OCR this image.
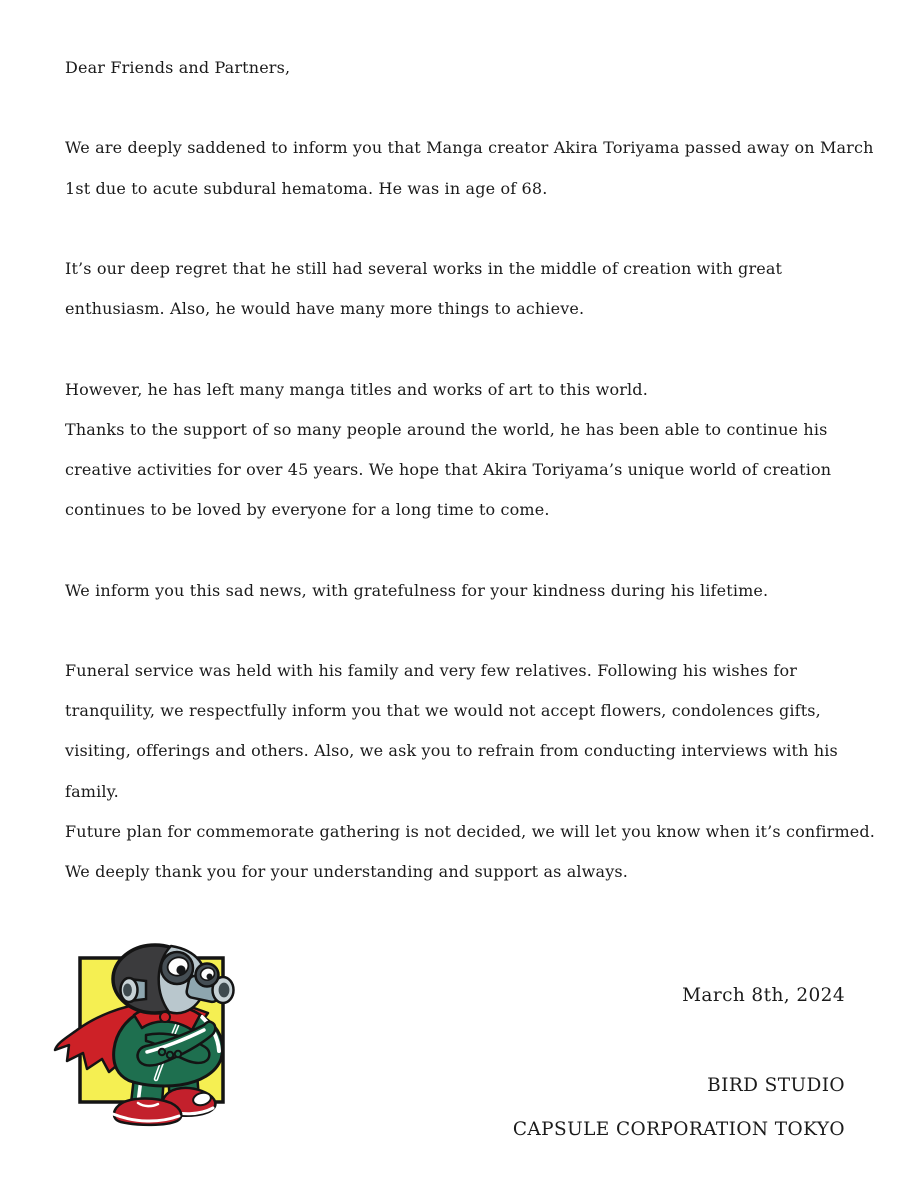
Dear Friends and Partners,
We are deeply saddened to inform you that Manga creator Akira Toriyama passed away on March
1st due to acute subdural hematoma. He was in age of 68.
It’s our deep regret that he still had several works in the middle of creation with great
enthusiasm. Also, he would have many more things to achieve.
However, he has left many manga titles and works of art to this world.
Thanks to the support of so many people around the world, he has been able to continue his
creative activities for over 45 years. We hope that Akira Toriyama’s unique world of creation
continues to be loved by everyone for a long time to come.
We inform you this sad news, with gratefulness for your kindness during his lifetime.
Funeral service was held with his family and very few relatives. Following his wishes for
tranquility, we respectfully inform you that we would not accept flowers, condolences gifts,
visiting, offerings and others. Also, we ask you to refrain from conducting interviews with his
family.
Future plan for commemorate gathering is not decided, we will let you know when it’s confirmed.
We deeply thank you for your understanding and support as always.
March 8th, 2024
BIRD STUDIO
CAPSULE CORPORATION TOKYO
